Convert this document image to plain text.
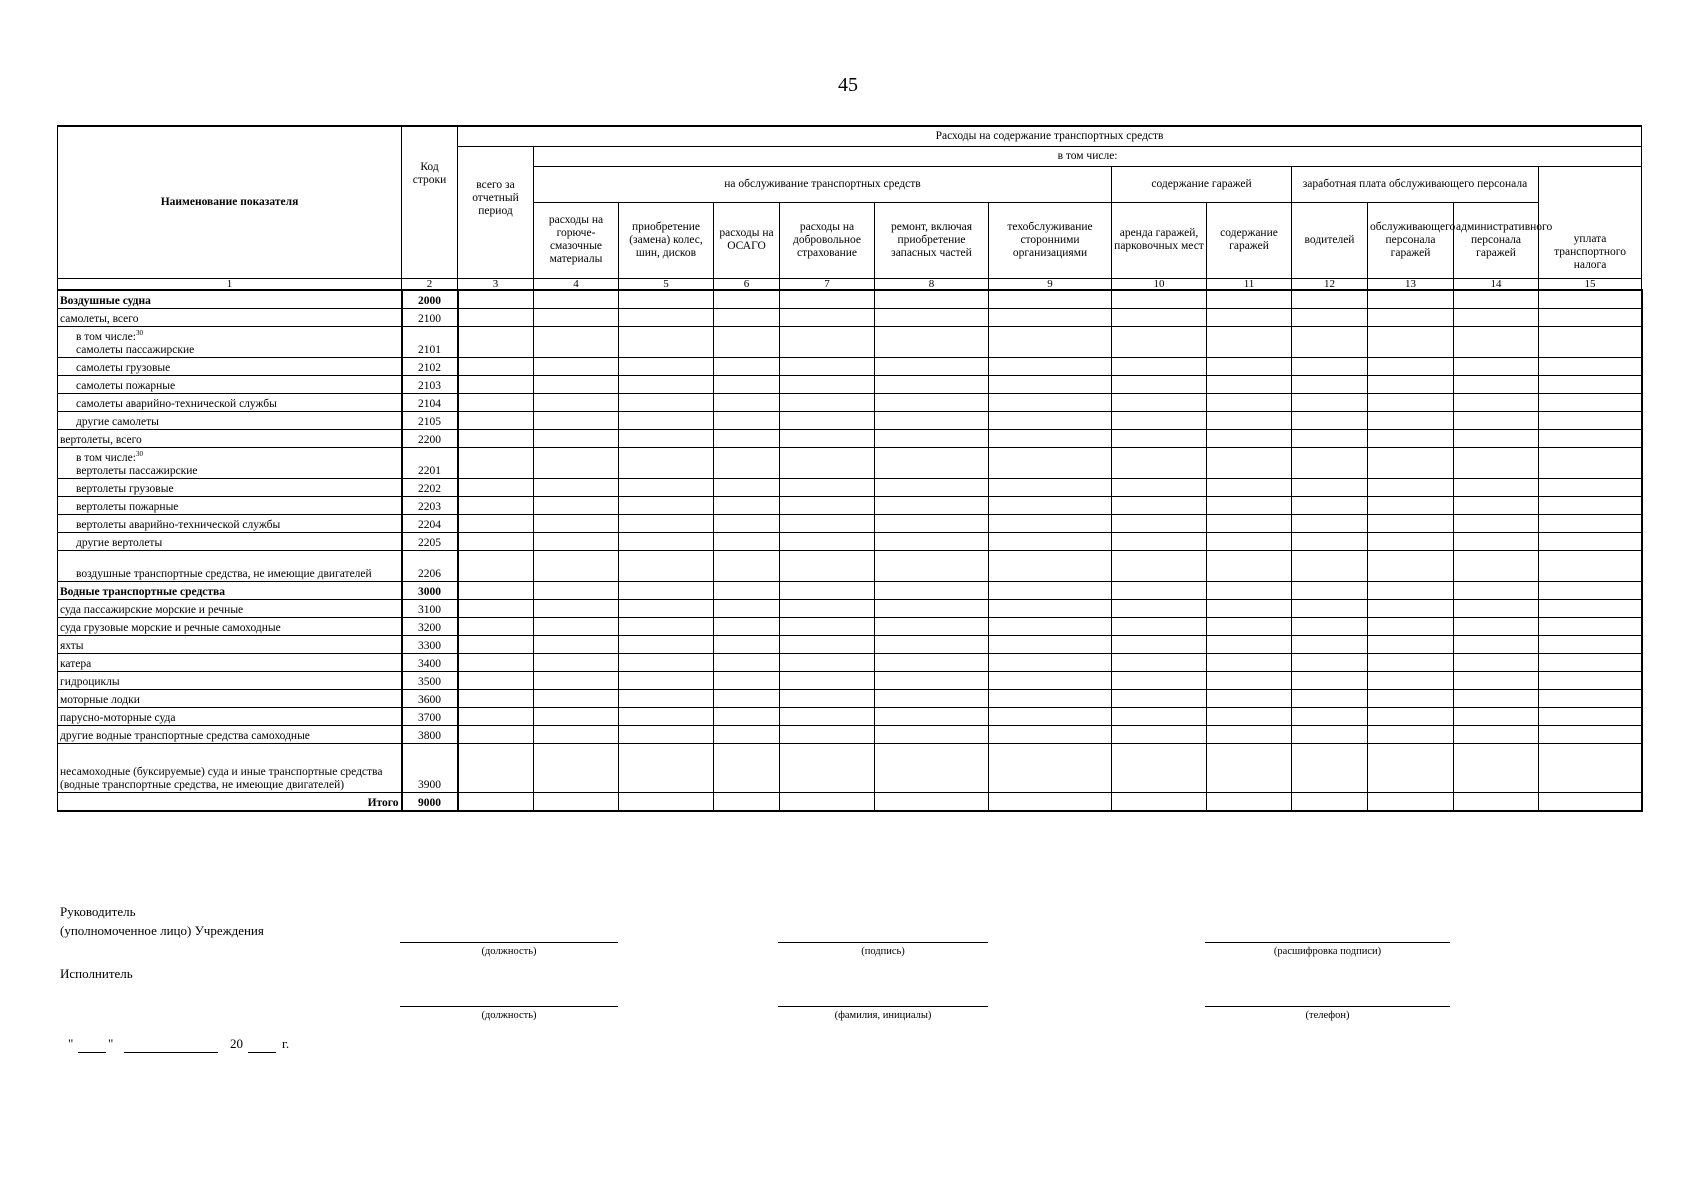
45
Наименование показателя	Код строки	Расходы на содержание транспортных средств												
		всего за отчетный период	в том числе:											
			на обслуживание транспортных средств						содержание гаражей		заработная плата обслуживающего персонала			уплата транспортного налога

			расходы на горюче-смазочные материалы	приобретение (замена) колес, шин, дисков	расходы на ОСАГО	расходы на добровольное страхование	ремонт, включая приобретение запасных частей	техобслуживание сторонними организациями	аренда гаражей, парковочных мест	содержание гаражей	водителей	обслуживающего персонала гаражей	административного персонала гаражей	
1	2	3	4	5	6	7	8	9	10	11	12	13	14	15
Воздушные судна	2000													
самолеты, всего	2100													

в том числе:$^{30}$
самолеты пассажирские	2101													
самолеты грузовые	2102													
самолеты пожарные	2103													
самолеты аварийно-технической службы	2104													
другие самолеты	2105													
вертолеты, всего	2200													

в том числе:$^{30}$
вертолеты пассажирские	2201													
вертолеты грузовые	2202													
вертолеты пожарные	2203													
вертолеты аварийно-технической службы	2204													
другие вертолеты	2205													
воздушные транспортные средства, не имеющие двигателей	2206													
Водные транспортные средства	3000													
суда пассажирские морские и речные	3100													
суда грузовые морские и речные самоходные	3200													
яхты	3300													
катера	3400													
гидроциклы	3500													
моторные лодки	3600													
парусно-моторные суда	3700													
другие водные транспортные средства самоходные	3800													
несамоходные (буксируемые) суда и иные транспортные средства (водные транспортные средства, не имеющие двигателей)	3900													
Итого	9000													
Руководитель
(уполномоченное лицо) Учреждения
(должность)	(подпись)	(расшифровка подписи)
Исполнитель
(должность)	(фамилия, инициалы)	(телефон)
"	"	20	г.
